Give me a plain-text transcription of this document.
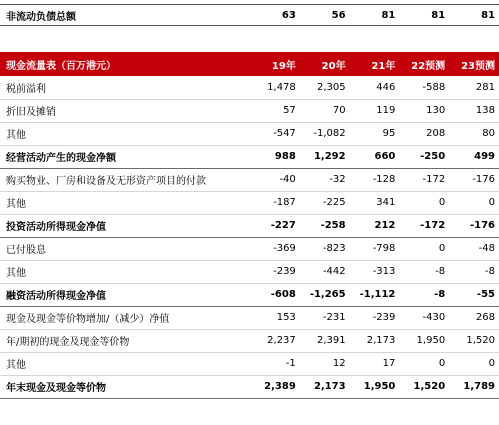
非流动负债总额	63	56	81	81	81
现金流量表（百万港元）	19年	20年	21年	22预测	23预测
税前溢利	1,478	2,305	446	-588	281
折旧及摊销	57	70	119	130	138
其他	-547	-1,082	95	208	80
经营活动产生的现金净额	988	1,292	660	-250	499
购买物业、厂房和设备及无形资产项目的付款	-40	-32	-128	-172	-176
其他	-187	-225	341	0	0
投资活动所得现金净值	-227	-258	212	-172	-176
已付股息	-369	-823	-798	0	-48
其他	-239	-442	-313	-8	-8
融资活动所得现金净值	-608	-1,265	-1,112	-8	-55
现金及现金等价物增加/（减少）净值	153	-231	-239	-430	268
年/期初的现金及现金等价物	2,237	2,391	2,173	1,950	1,520
其他	-1	12	17	0	0
年末现金及现金等价物	2,389	2,173	1,950	1,520	1,789
